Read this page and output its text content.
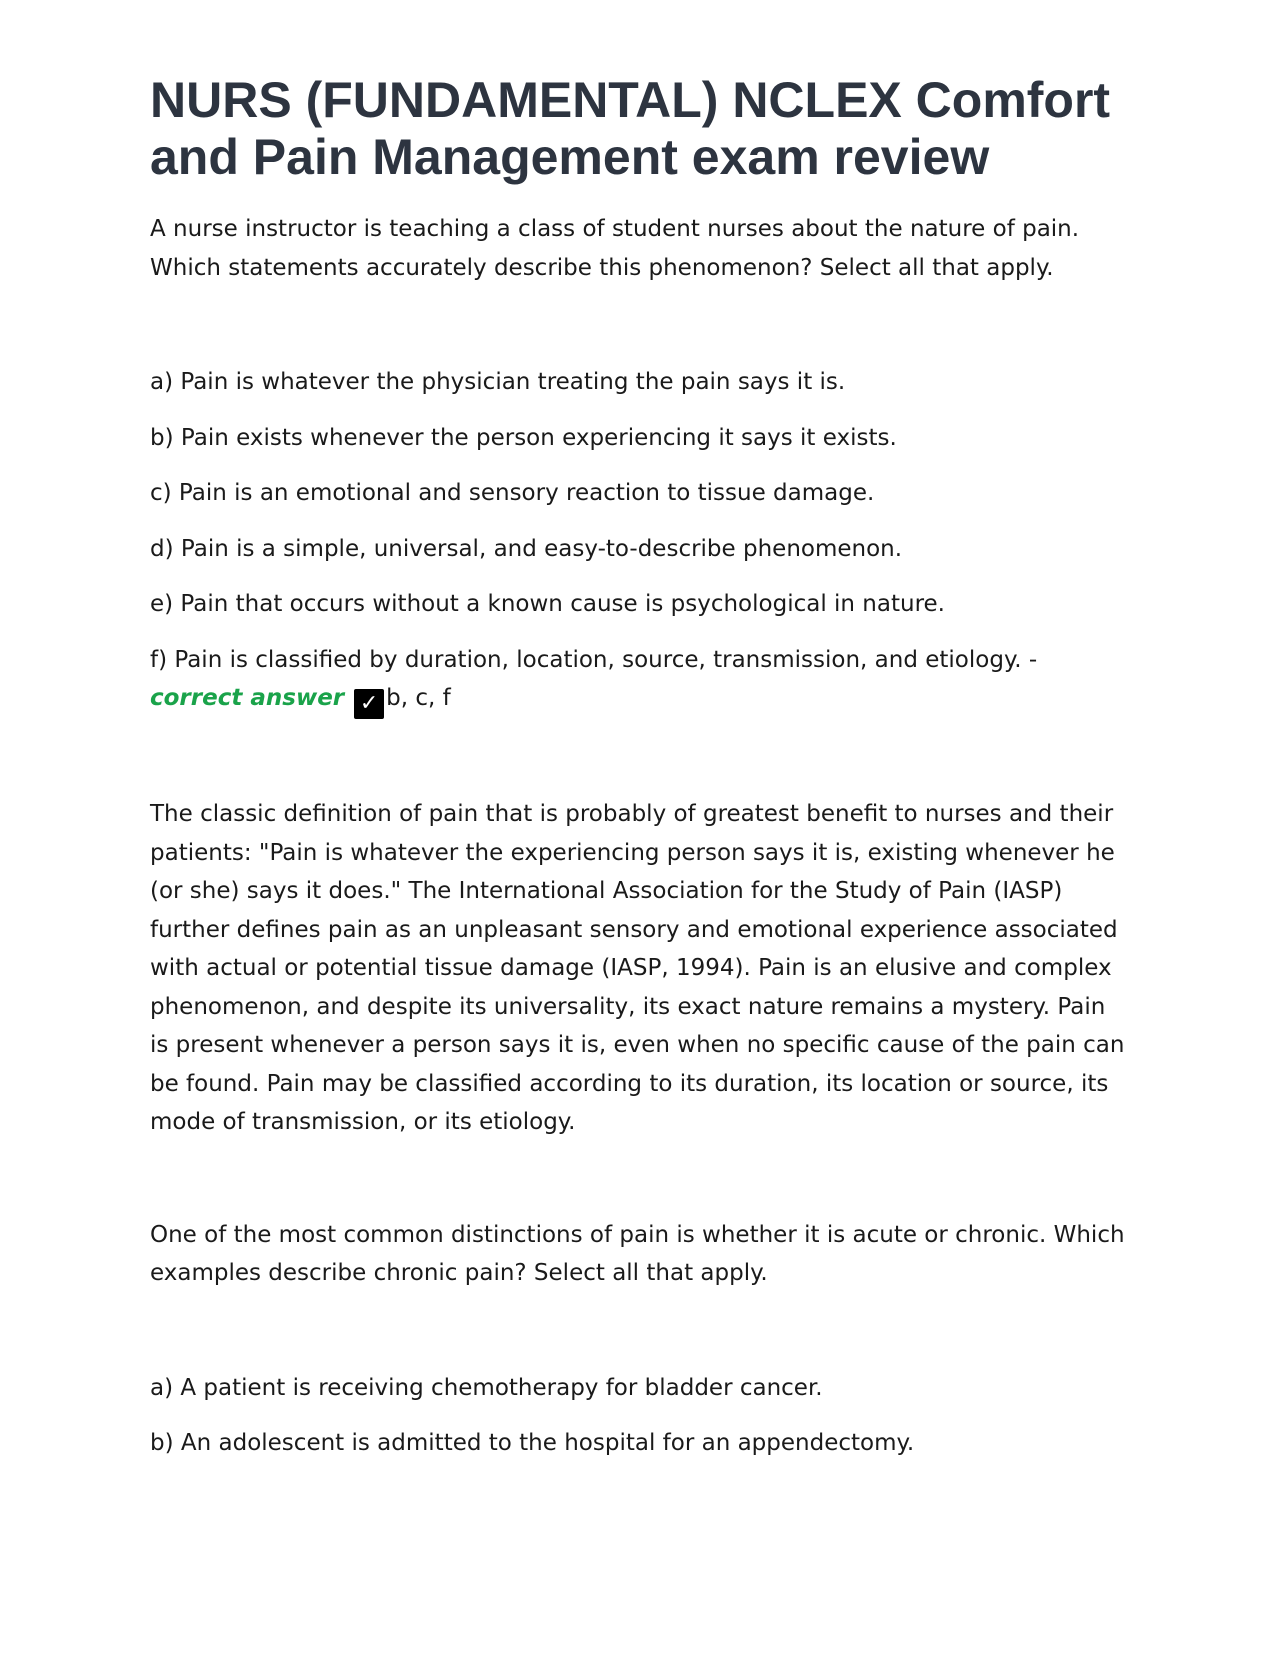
NURS (FUNDAMENTAL) NCLEX Comfort and Pain Management exam review

A nurse instructor is teaching a class of student nurses about the nature of pain. Which statements accurately describe this phenomenon? Select all that apply.

a) Pain is whatever the physician treating the pain says it is.
b) Pain exists whenever the person experiencing it says it exists.
c) Pain is an emotional and sensory reaction to tissue damage.
d) Pain is a simple, universal, and easy-to-describe phenomenon.
e) Pain that occurs without a known cause is psychological in nature.
f) Pain is classified by duration, location, source, transmission, and etiology. -
correct answer ✓ b, c, f

The classic definition of pain that is probably of greatest benefit to nurses and their patients: "Pain is whatever the experiencing person says it is, existing whenever he (or she) says it does." The International Association for the Study of Pain (IASP) further defines pain as an unpleasant sensory and emotional experience associated with actual or potential tissue damage (IASP, 1994). Pain is an elusive and complex phenomenon, and despite its universality, its exact nature remains a mystery. Pain is present whenever a person says it is, even when no specific cause of the pain can be found. Pain may be classified according to its duration, its location or source, its mode of transmission, or its etiology.

One of the most common distinctions of pain is whether it is acute or chronic. Which examples describe chronic pain? Select all that apply.

a) A patient is receiving chemotherapy for bladder cancer.
b) An adolescent is admitted to the hospital for an appendectomy.
